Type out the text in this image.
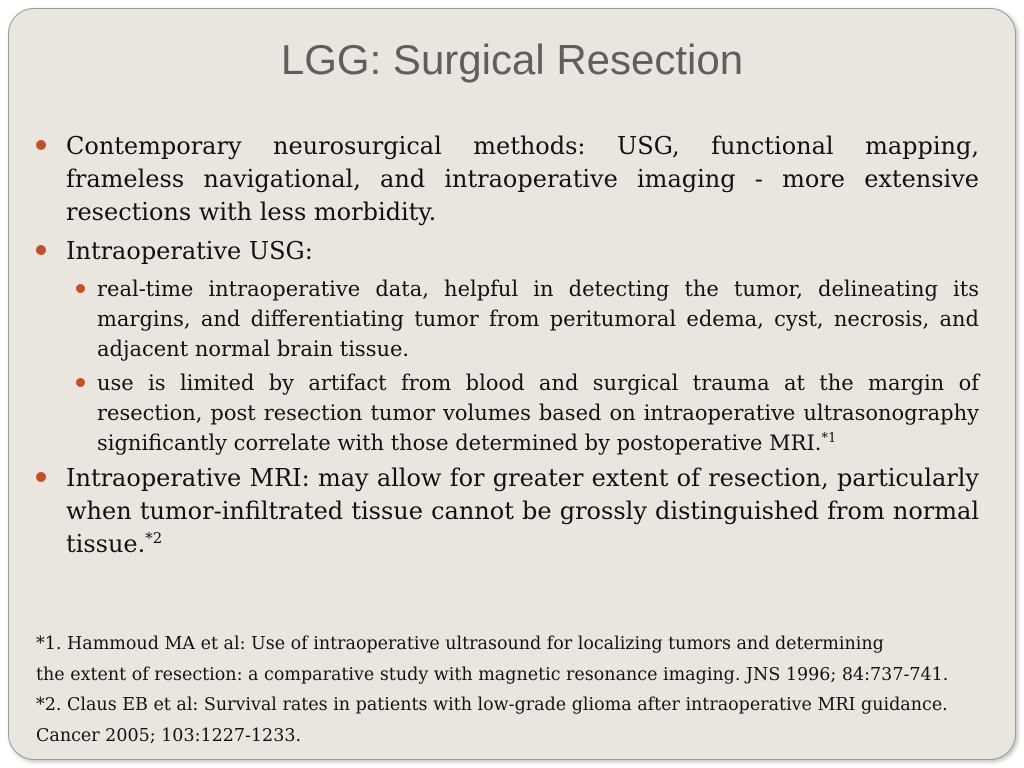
LGG: Surgical Resection
Contemporary neurosurgical methods: USG, functional mapping, frameless navigational, and intraoperative imaging - more extensive resections with less morbidity.
Intraoperative USG:
real-time intraoperative data, helpful in detecting the tumor, delineating its margins, and differentiating tumor from peritumoral edema, cyst, necrosis, and adjacent normal brain tissue.
use is limited by artifact from blood and surgical trauma at the margin of resection, post resection tumor volumes based on intraoperative ultrasonography significantly correlate with those determined by postoperative MRI.$^{*1}$
Intraoperative MRI: may allow for greater extent of resection, particularly when tumor-infiltrated tissue cannot be grossly distinguished from normal tissue.$^{*2}$
*1. Hammoud MA et al: Use of intraoperative ultrasound for localizing tumors and determining
the extent of resection: a comparative study with magnetic resonance imaging. JNS 1996; 84:737-741.
*2. Claus EB et al: Survival rates in patients with low-grade glioma after intraoperative MRI guidance.
Cancer 2005; 103:1227-1233.
